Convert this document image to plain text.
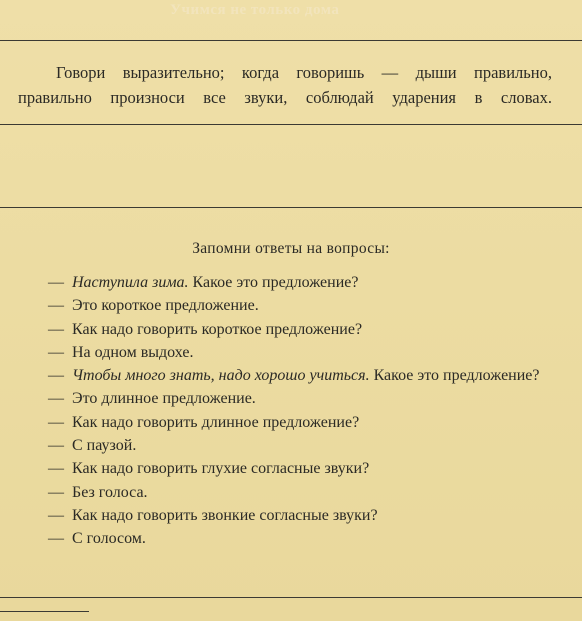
Учимся не только дома

Говори выразительно; когда говоришь — дыши правильно,

правильно произноси все звуки, соблюдай ударения в словах.

Запомни ответы на вопросы:
— Наступила зима. Какое это предложение?
— Это короткое предложение.
— Как надо говорить короткое предложение?
— На одном выдохе.
— Чтобы много знать, надо хорошо учиться. Какое это предложение?
— Это длинное предложение.
— Как надо говорить длинное предложение?
— С паузой.
— Как надо говорить глухие согласные звуки?
— Без голоса.
— Как надо говорить звонкие согласные звуки?
— С голосом.
